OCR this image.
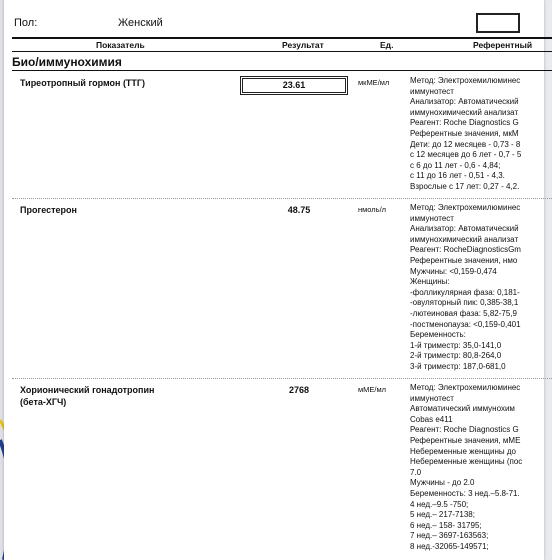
Пол:	Женский
Показатель	Результат	Ед.	Референтный
Био/иммунохимия
Тиреотропный гормон (ТТГ)	23.61	мкМЕ/мл	Метод: Электрохемилюминес
иммунотест
Анализатор: Автоматический
иммунохимический анализат
Реагент: Roche Diagnostics G
Референтные значения, мкМ
Дети: до 12 месяцев - 0,73 - 8
с 12 месяцев до 6 лет - 0,7 - 5
с 6 до 11 лет - 0,6 - 4,84;
с 11 до 16 лет - 0,51 - 4,3.
Взрослые с 17 лет: 0,27 - 4,2.
Прогестерон	48.75	нмоль/л	Метод: Электрохемилюминес
иммунотест
Анализатор: Автоматический
иммунохимический анализат
Реагент: RocheDiagnosticsGm
Референтные значения, нмо
Мужчины: <0,159-0,474
Женщины:
-фолликулярная фаза: 0,181-
-овуляторный пик: 0,385-38,1
-лютеиновая фаза: 5,82-75,9
-постменопауза: <0,159-0,401
Беременность:
1-й триместр: 35,0-141,0
2-й триместр: 80,8-264,0
3-й триместр: 187,0-681,0
Хорионический гонадотропин
(бета-ХГЧ)
2768	мМЕ/мл	Метод: Электрохемилюминес
иммунотест
Автоматический иммунохим
Cobas e411
Реагент: Roche Diagnostics G
Референтные значения, мМЕ
Небеременные женщины до
Небеременные женщины (пос
7.0
Мужчины - до 2.0
Беременность: 3 нед.–5.8-71.
4 нед.–9.5 -750;
5 нед.– 217-7138;
6 нед.– 158- 31795;
7 нед.– 3697-163563;
8 нед.-32065-149571;
